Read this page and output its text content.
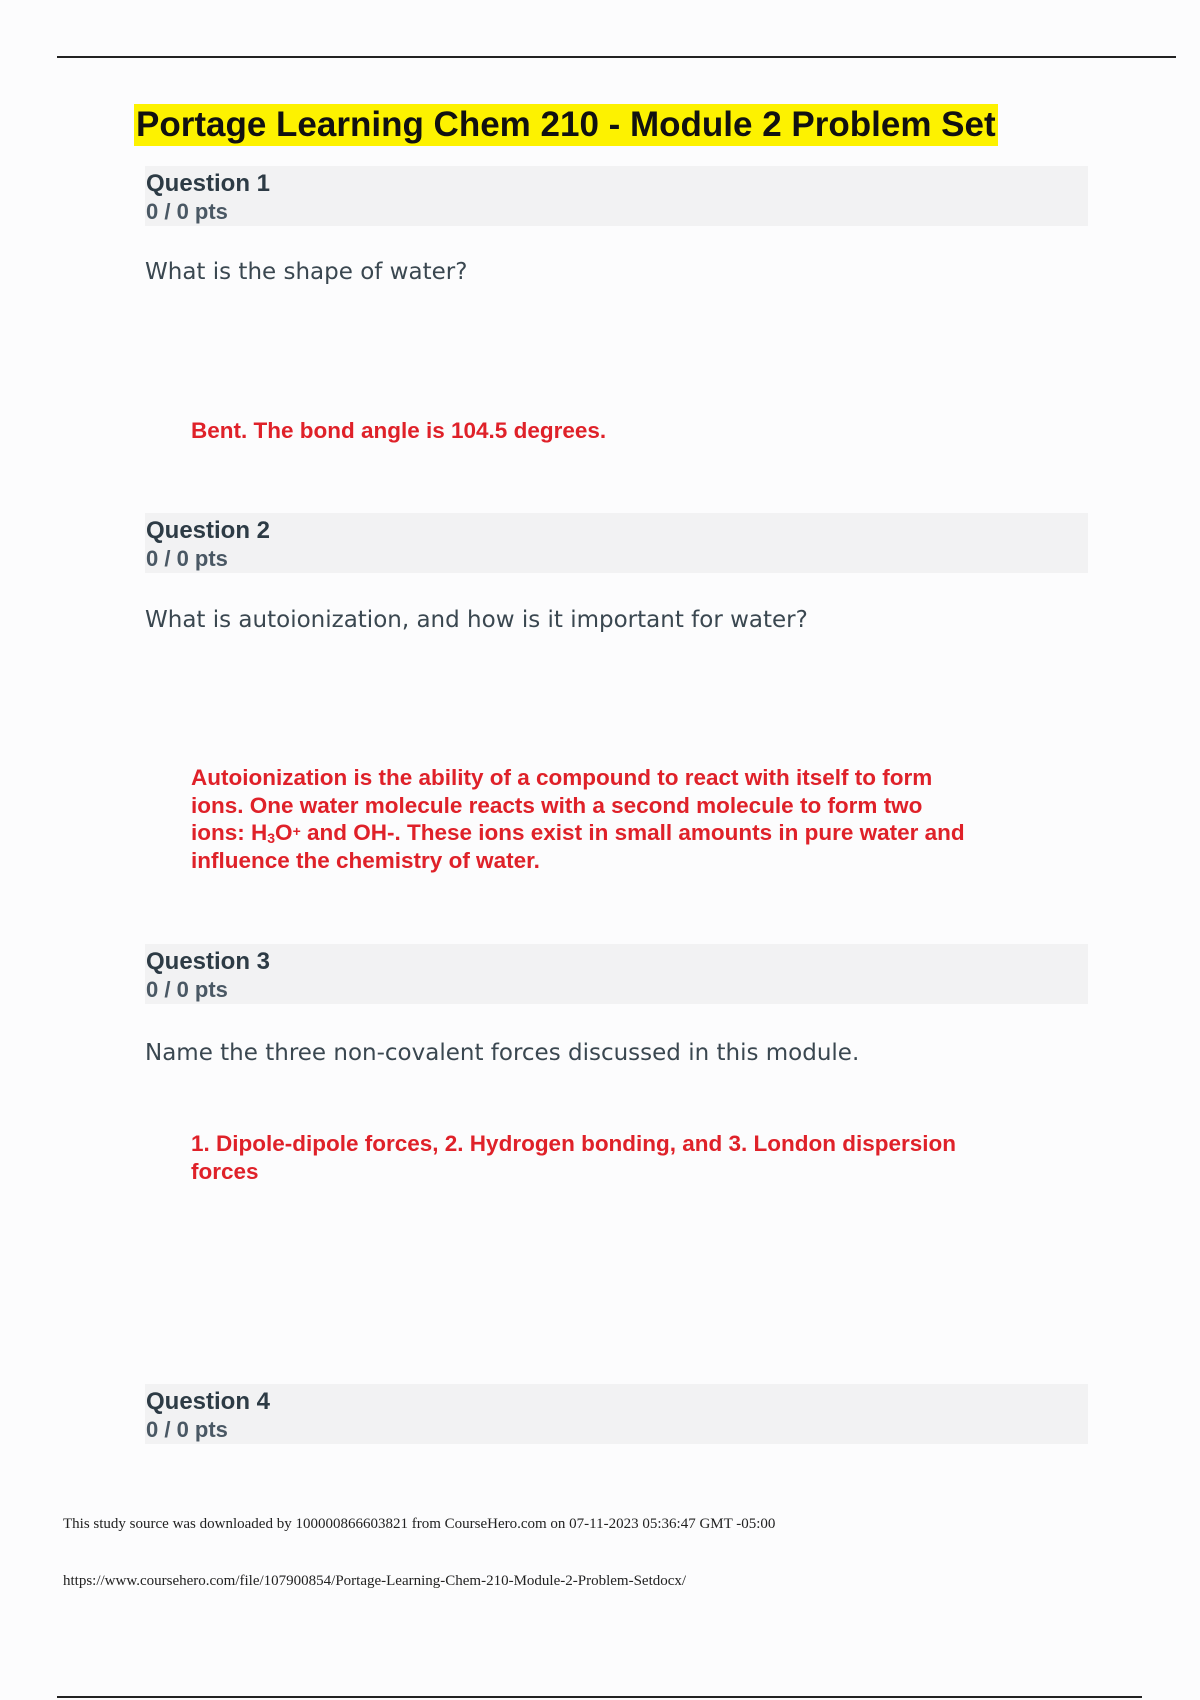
Portage Learning Chem 210 - Module 2 Problem Set
Question 1
0 / 0 pts
What is the shape of water?
Bent. The bond angle is 104.5 degrees.
Question 2
0 / 0 pts
What is autoionization, and how is it important for water?
Autoionization is the ability of a compound to react with itself to form
ions. One water molecule reacts with a second molecule to form two
ions: $H_3O^+$ and OH-. These ions exist in small amounts in pure water and
influence the chemistry of water.
Question 3
0 / 0 pts
Name the three non-covalent forces discussed in this module.
1. Dipole-dipole forces, 2. Hydrogen bonding, and 3. London dispersion
forces
Question 4
0 / 0 pts
This study source was downloaded by 100000866603821 from CourseHero.com on 07-11-2023 05:36:47 GMT -05:00
https://www.coursehero.com/file/107900854/Portage-Learning-Chem-210-Module-2-Problem-Setdocx/
